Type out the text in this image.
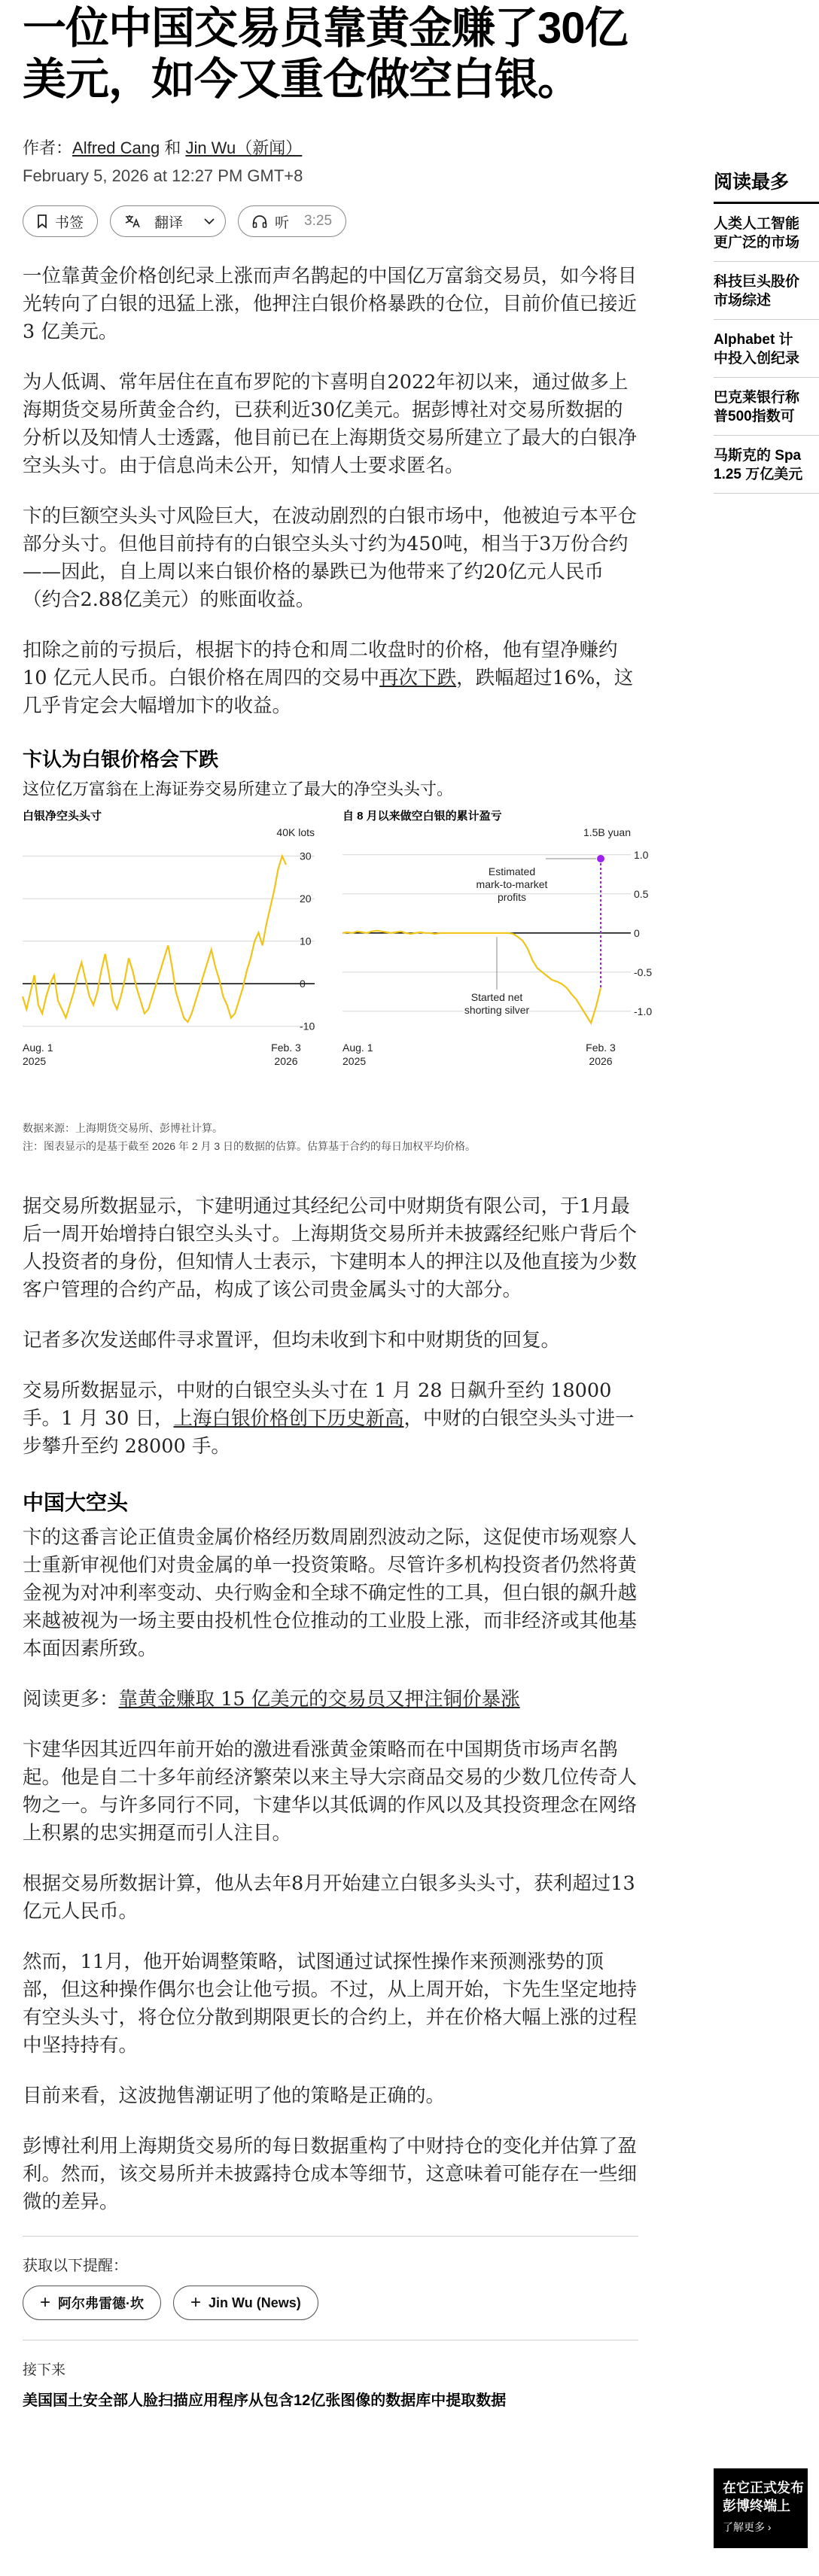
一位中国交易员靠黄金赚了30亿美元，如今又重仓做空白银。
作者：Alfred Cang 和 Jin Wu（新闻）
February 5, 2026 at 12:27 PM GMT+8
书签	翻译	听 3:25

一位靠黄金价格创纪录上涨而声名鹊起的中国亿万富翁交易员，如今将目光转向了白银的迅猛上涨，他押注白银价格暴跌的仓位，目前价值已接近 3 亿美元。

为人低调、常年居住在直布罗陀的卞喜明自2022年初以来，通过做多上海期货交易所黄金合约，已获利近30亿美元。据彭博社对交易所数据的分析以及知情人士透露，他目前已在上海期货交易所建立了最大的白银净空头头寸。由于信息尚未公开，知情人士要求匿名。

卞的巨额空头头寸风险巨大，在波动剧烈的白银市场中，他被迫亏本平仓部分头寸。但他目前持有的白银空头头寸约为450吨，相当于3万份合约——因此，自上周以来白银价格的暴跌已为他带来了约20亿元人民币（约合2.88亿美元）的账面收益。

扣除之前的亏损后，根据卞的持仓和周二收盘时的价格，他有望净赚约 10 亿元人民币。白银价格在周四的交易中再次下跌，跌幅超过16%，这几乎肯定会大幅增加卞的收益。

卞认为白银价格会下跌
这位亿万富翁在上海证券交易所建立了最大的净空头头寸。
白银净空头头寸
40K lots
30
20
10
0
-10
Aug. 1
2025
Feb. 3
2026
自 8 月以来做空白银的累计盈亏
1.5B yuan
1.0
0.5
0
-0.5
-1.0
Aug. 1
2025
Feb. 3
2026
Estimated
mark-to-market
profits
Started net
shorting silver
数据来源：上海期货交易所、彭博社计算。
注：图表显示的是基于截至 2026 年 2 月 3 日的数据的估算。估算基于合约的每日加权平均价格。

据交易所数据显示，卞建明通过其经纪公司中财期货有限公司，于1月最后一周开始增持白银空头头寸。上海期货交易所并未披露经纪账户背后个人投资者的身份，但知情人士表示，卞建明本人的押注以及他直接为少数客户管理的合约产品，构成了该公司贵金属头寸的大部分。

记者多次发送邮件寻求置评，但均未收到卞和中财期货的回复。

交易所数据显示，中财的白银空头头寸在 1 月 28 日飙升至约 18000 手。1 月 30 日，上海白银价格创下历史新高，中财的白银空头头寸进一步攀升至约 28000 手。

中国大空头

卞的这番言论正值贵金属价格经历数周剧烈波动之际，这促使市场观察人士重新审视他们对贵金属的单一投资策略。尽管许多机构投资者仍然将黄金视为对冲利率变动、央行购金和全球不确定性的工具，但白银的飙升越来越被视为一场主要由投机性仓位推动的工业股上涨，而非经济或其他基本面因素所致。

阅读更多：靠黄金赚取 15 亿美元的交易员又押注铜价暴涨

卞建华因其近四年前开始的激进看涨黄金策略而在中国期货市场声名鹊起。他是自二十多年前经济繁荣以来主导大宗商品交易的少数几位传奇人物之一。与许多同行不同，卞建华以其低调的作风以及其投资理念在网络上积累的忠实拥趸而引人注目。

根据交易所数据计算，他从去年8月开始建立白银多头头寸，获利超过13亿元人民币。

然而，11月，他开始调整策略，试图通过试探性操作来预测涨势的顶部，但这种操作偶尔也会让他亏损。不过，从上周开始，卞先生坚定地持有空头头寸，将仓位分散到期限更长的合约上，并在价格大幅上涨的过程中坚持持有。

目前来看，这波抛售潮证明了他的策略是正确的。

彭博社利用上海期货交易所的每日数据重构了中财持仓的变化并估算了盈利。然而，该交易所并未披露持仓成本等细节，这意味着可能存在一些细微的差异。

获取以下提醒：
+ 阿尔弗雷德·坎	+ Jin Wu (News)
接下来
美国国土安全部人脸扫描应用程序从包含12亿张图像的数据库中提取数据
阅读最多
人类人工智能
更广泛的市场
科技巨头股价
市场综述
Alphabet 计
中投入创纪录
巴克莱银行称
普500指数可
马斯克的 Spa
1.25 万亿美元
在它正式发布
彭博终端上
了解更多 ›
